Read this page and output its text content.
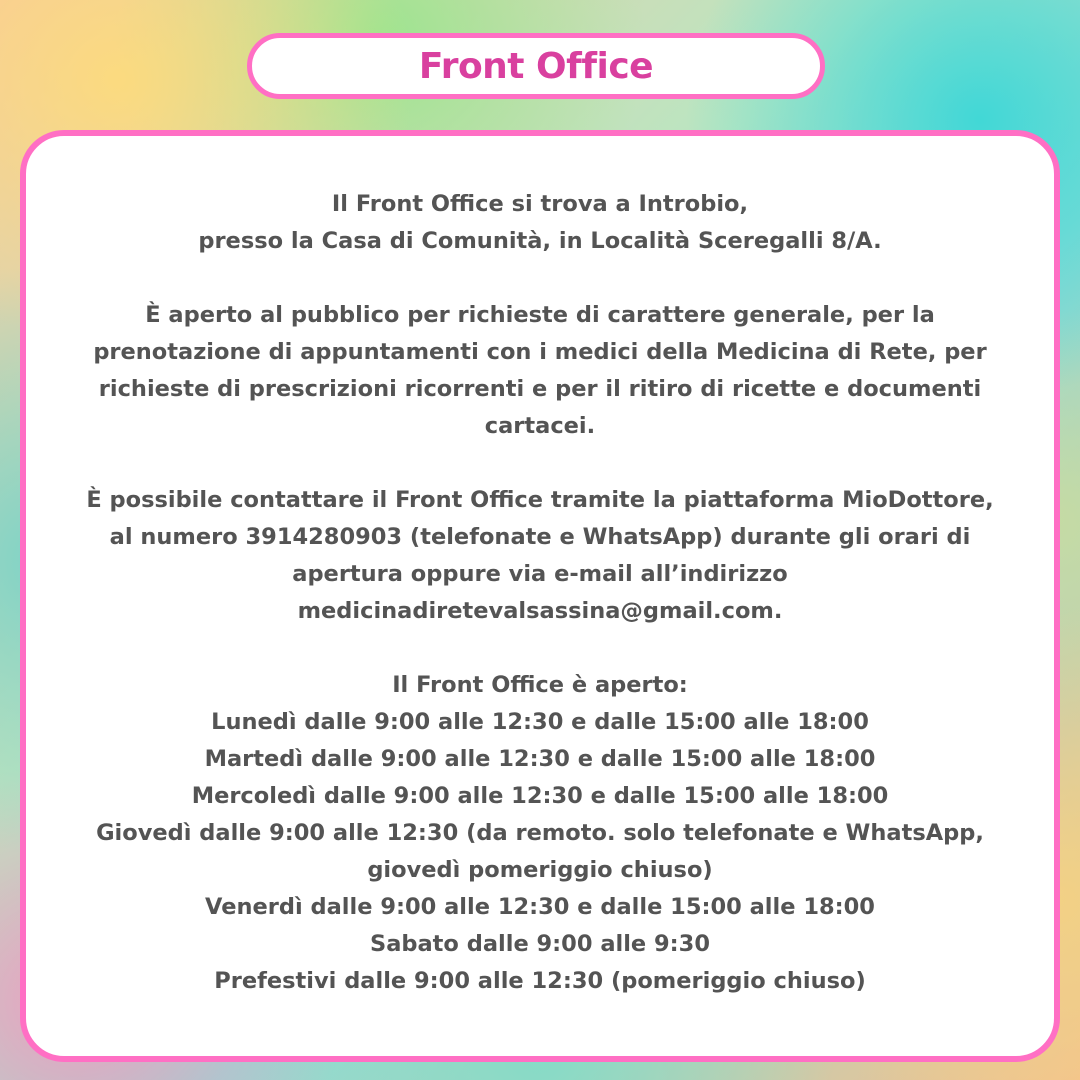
Front Office

Il Front Office si trova a Introbio,
presso la Casa di Comunità, in Località Sceregalli 8/A.

È aperto al pubblico per richieste di carattere generale, per la
prenotazione di appuntamenti con i medici della Medicina di Rete, per
richieste di prescrizioni ricorrenti e per il ritiro di ricette e documenti
cartacei.

È possibile contattare il Front Office tramite la piattaforma MioDottore,
al numero 3914280903 (telefonate e WhatsApp) durante gli orari di
apertura oppure via e-mail all’indirizzo
medicinadiretevalsassina@gmail.com.

Il Front Office è aperto:
Lunedì dalle 9:00 alle 12:30 e dalle 15:00 alle 18:00
Martedì dalle 9:00 alle 12:30 e dalle 15:00 alle 18:00
Mercoledì dalle 9:00 alle 12:30 e dalle 15:00 alle 18:00
Giovedì dalle 9:00 alle 12:30 (da remoto. solo telefonate e WhatsApp,
giovedì pomeriggio chiuso)
Venerdì dalle 9:00 alle 12:30 e dalle 15:00 alle 18:00
Sabato dalle 9:00 alle 9:30
Prefestivi dalle 9:00 alle 12:30 (pomeriggio chiuso)
